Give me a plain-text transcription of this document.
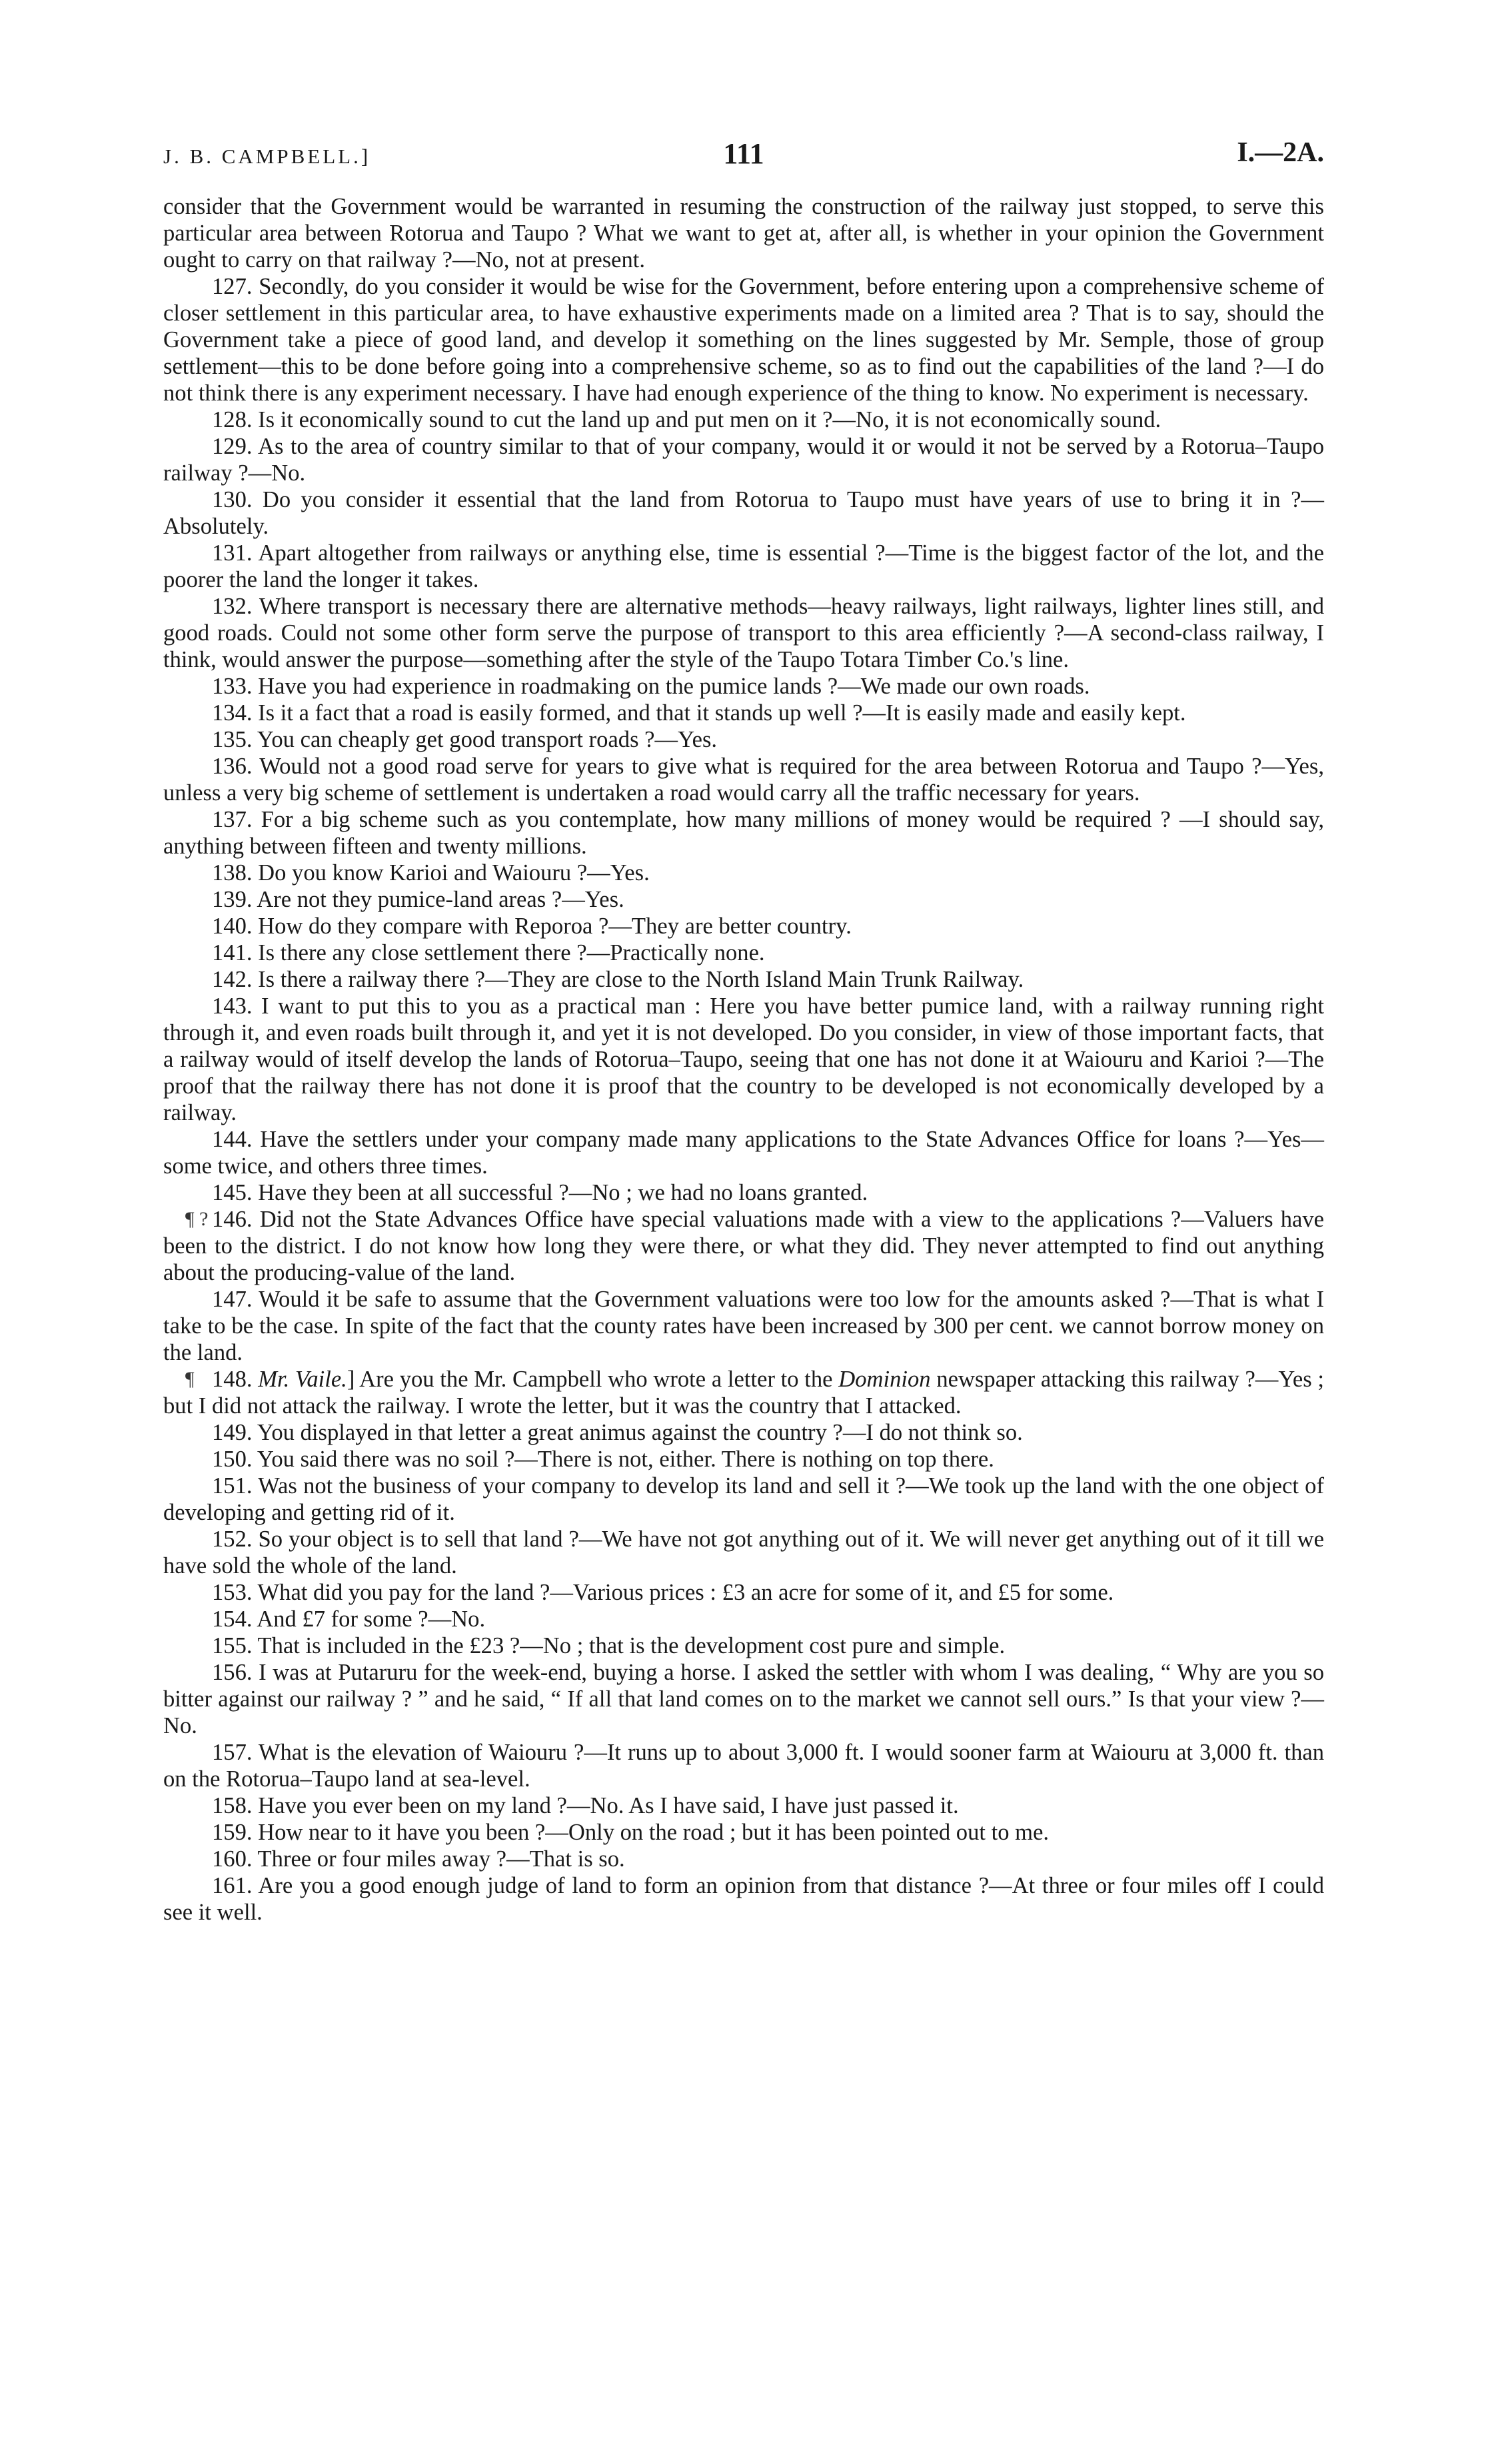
J. B. CAMPBELL.]	111	I.—2A.

consider that the Government would be warranted in resuming the construction of the railway just stopped, to serve this particular area between Rotorua and Taupo ? What we want to get at, after all, is whether in your opinion the Government ought to carry on that railway ?—No, not at present.

127. Secondly, do you consider it would be wise for the Government, before entering upon a comprehensive scheme of closer settlement in this particular area, to have exhaustive experiments made on a limited area ? That is to say, should the Government take a piece of good land, and develop it something on the lines suggested by Mr. Semple, those of group settlement—this to be done before going into a comprehensive scheme, so as to find out the capabilities of the land ?—I do not think there is any experiment necessary. I have had enough experience of the thing to know. No experiment is necessary.

128. Is it economically sound to cut the land up and put men on it ?—No, it is not economically sound.

129. As to the area of country similar to that of your company, would it or would it not be served by a Rotorua–Taupo railway ?—No.

130. Do you consider it essential that the land from Rotorua to Taupo must have years of use to bring it in ?—Absolutely.

131. Apart altogether from railways or anything else, time is essential ?—Time is the biggest factor of the lot, and the poorer the land the longer it takes.

132. Where transport is necessary there are alternative methods—heavy railways, light railways, lighter lines still, and good roads. Could not some other form serve the purpose of transport to this area efficiently ?—A second-class railway, I think, would answer the purpose—something after the style of the Taupo Totara Timber Co.'s line.

133. Have you had experience in roadmaking on the pumice lands ?—We made our own roads.

134. Is it a fact that a road is easily formed, and that it stands up well ?—It is easily made and easily kept.

135. You can cheaply get good transport roads ?—Yes.

136. Would not a good road serve for years to give what is required for the area between Rotorua and Taupo ?—Yes, unless a very big scheme of settlement is undertaken a road would carry all the traffic necessary for years.

137. For a big scheme such as you contemplate, how many millions of money would be required ? —I should say, anything between fifteen and twenty millions.

138. Do you know Karioi and Waiouru ?—Yes.

139. Are not they pumice-land areas ?—Yes.

140. How do they compare with Reporoa ?—They are better country.

141. Is there any close settlement there ?—Practically none.

142. Is there a railway there ?—They are close to the North Island Main Trunk Railway.

143. I want to put this to you as a practical man : Here you have better pumice land, with a railway running right through it, and even roads built through it, and yet it is not developed. Do you consider, in view of those important facts, that a railway would of itself develop the lands of Rotorua–Taupo, seeing that one has not done it at Waiouru and Karioi ?—The proof that the railway there has not done it is proof that the country to be developed is not economically developed by a railway.

144. Have the settlers under your company made many applications to the State Advances Office for loans ?—Yes—some twice, and others three times.

145. Have they been at all successful ?—No ; we had no loans granted.

¶ ? 146. Did not the State Advances Office have special valuations made with a view to the applications ?—Valuers have been to the district. I do not know how long they were there, or what they did. They never attempted to find out anything about the producing-value of the land.

147. Would it be safe to assume that the Government valuations were too low for the amounts asked ?—That is what I take to be the case. In spite of the fact that the county rates have been increased by 300 per cent. we cannot borrow money on the land.

¶ 148. Mr. Vaile.] Are you the Mr. Campbell who wrote a letter to the Dominion newspaper attacking this railway ?—Yes ; but I did not attack the railway. I wrote the letter, but it was the country that I attacked.

149. You displayed in that letter a great animus against the country ?—I do not think so.

150. You said there was no soil ?—There is not, either. There is nothing on top there.

151. Was not the business of your company to develop its land and sell it ?—We took up the land with the one object of developing and getting rid of it.

152. So your object is to sell that land ?—We have not got anything out of it. We will never get anything out of it till we have sold the whole of the land.

153. What did you pay for the land ?—Various prices : £3 an acre for some of it, and £5 for some.

154. And £7 for some ?—No.

155. That is included in the £23 ?—No ; that is the development cost pure and simple.

156. I was at Putaruru for the week-end, buying a horse. I asked the settler with whom I was dealing, “ Why are you so bitter against our railway ? ” and he said, “ If all that land comes on to the market we cannot sell ours.” Is that your view ?—No.

157. What is the elevation of Waiouru ?—It runs up to about 3,000 ft. I would sooner farm at Waiouru at 3,000 ft. than on the Rotorua–Taupo land at sea-level.

158. Have you ever been on my land ?—No. As I have said, I have just passed it.

159. How near to it have you been ?—Only on the road ; but it has been pointed out to me.

160. Three or four miles away ?—That is so.

161. Are you a good enough judge of land to form an opinion from that distance ?—At three or four miles off I could see it well.
